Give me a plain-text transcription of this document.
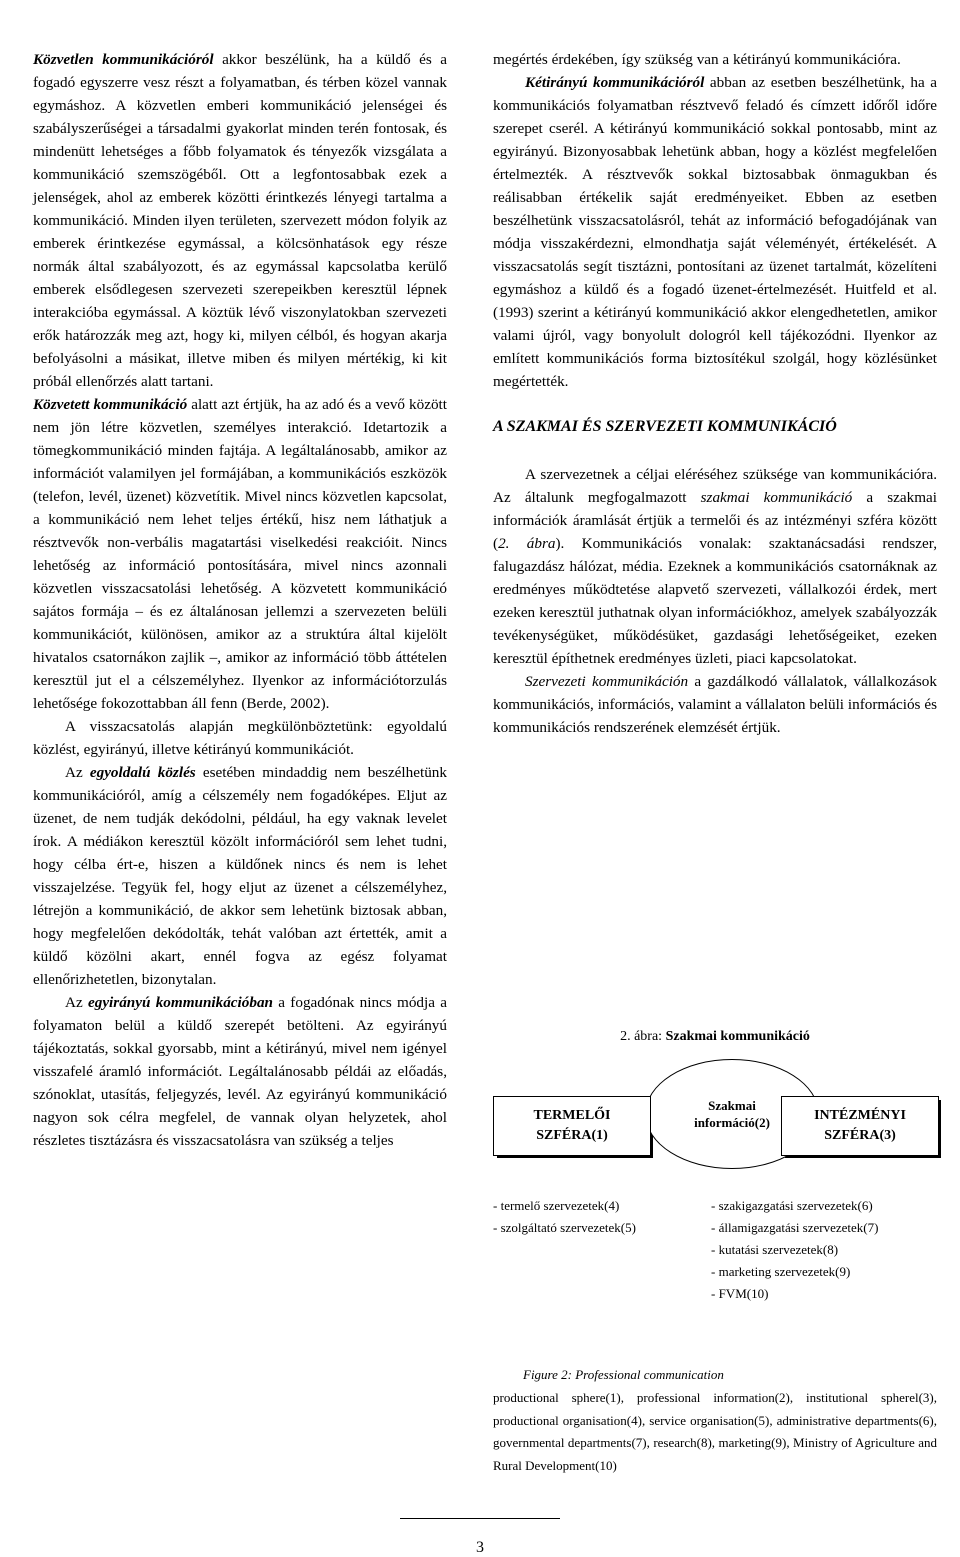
Közvetlen kommunikációról akkor beszélünk, ha a küldő és a fogadó egyszerre vesz részt a folyamatban, és térben közel vannak egymáshoz. A közvetlen emberi kommunikáció jelenségei és szabályszerűségei a társadalmi gyakorlat minden terén fontosak, és mindenütt lehetséges a főbb folyamatok és tényezők vizsgálata a kommunikáció szemszögéből. Ott a legfontosabbak ezek a jelenségek, ahol az emberek közötti érintkezés lényegi tartalma a kommunikáció. Minden ilyen területen, szervezett módon folyik az emberek érintkezése egymással, a kölcsönhatások egy része normák által szabályozott, és az egymással kapcsolatba kerülő emberek elsődlegesen szervezeti szerepeikben keresztül lépnek interakcióba egymással. A köztük lévő viszonylatokban szervezeti erők határozzák meg azt, hogy ki, milyen célból, és hogyan akarja befolyásolni a másikat, illetve miben és milyen mértékig, ki kit próbál ellenőrzés alatt tartani.

Közvetett kommunikáció alatt azt értjük, ha az adó és a vevő között nem jön létre közvetlen, személyes interakció. Idetartozik a tömegkommunikáció minden fajtája. A legáltalánosabb, amikor az információt valamilyen jel formájában, a kommunikációs eszközök (telefon, levél, üzenet) közvetítik. Mivel nincs közvetlen kapcsolat, a kommunikáció nem lehet teljes értékű, hisz nem láthatjuk a résztvevők non-verbális magatartási viselkedési reakcióit. Nincs lehetőség az információ pontosítására, mivel nincs azonnali közvetlen visszacsatolási lehetőség. A közvetett kommunikáció sajátos formája – és ez általánosan jellemzi a szervezeten belüli kommunikációt, különösen, amikor az a struktúra által kijelölt hivatalos csatornákon zajlik –, amikor az információ több áttételen keresztül jut el a célszemélyhez. Ilyenkor az információtorzulás lehetősége fokozottabban áll fenn (Berde, 2002).

A visszacsatolás alapján megkülönböztetünk: egyoldalú közlést, egyirányú, illetve kétirányú kommunikációt.

Az egyoldalú közlés esetében mindaddig nem beszélhetünk kommunikációról, amíg a célszemély nem fogadóképes. Eljut az üzenet, de nem tudják dekódolni, például, ha egy vaknak levelet írok. A médiákon keresztül közölt információról sem lehet tudni, hogy célba ért-e, hiszen a küldőnek nincs és nem is lehet visszajelzése. Tegyük fel, hogy eljut az üzenet a célszemélyhez, létrejön a kommunikáció, de akkor sem lehetünk biztosak abban, hogy megfelelően dekódolták, tehát valóban azt értették, amit a küldő közölni akart, ennél fogva az egész folyamat ellenőrizhetetlen, bizonytalan.

Az egyirányú kommunikációban a fogadónak nincs módja a folyamaton belül a küldő szerepét betölteni. Az egyirányú tájékoztatás, sokkal gyorsabb, mint a kétirányú, mivel nem igényel visszafelé áramló információt. Legáltalánosabb példái az előadás, szónoklat, utasítás, feljegyzés, levél. Az egyirányú kommunikáció nagyon sok célra megfelel, de vannak olyan helyzetek, ahol részletes tisztázásra és visszacsatolásra van szükség a teljes

megértés érdekében, így szükség van a kétirányú kommunikációra.

Kétirányú kommunikációról abban az esetben beszélhetünk, ha a kommunikációs folyamatban résztvevő feladó és címzett időről időre szerepet cserél. A kétirányú kommunikáció sokkal pontosabb, mint az egyirányú. Bizonyosabbak lehetünk abban, hogy a közlést megfelelően értelmezték. A résztvevők sokkal biztosabbak önmagukban és reálisabban értékelik saját eredményeiket. Ebben az esetben beszélhetünk visszacsatolásról, tehát az információ befogadójának van módja visszakérdezni, elmondhatja saját véleményét, értékelését. A visszacsatolás segít tisztázni, pontosítani az üzenet tartalmát, közelíteni egymáshoz a küldő és a fogadó üzenet-értelmezését. Huitfeld et al. (1993) szerint a kétirányú kommunikáció akkor elengedhetetlen, amikor valami újról, vagy bonyolult dologról kell tájékozódni. Ilyenkor az említett kommunikációs forma biztosítékul szolgál, hogy közlésünket megértették.

A SZAKMAI ÉS SZERVEZETI KOMMUNIKÁCIÓ

A szervezetnek a céljai eléréséhez szüksége van kommunikációra. Az általunk megfogalmazott szakmai kommunikáció a szakmai információk áramlását értjük a termelői és az intézményi szféra között (2. ábra). Kommunikációs vonalak: szaktanácsadási rendszer, falugazdász hálózat, média. Ezeknek a kommunikációs csatornáknak az eredményes működtetése alapvető szervezeti, vállalkozói érdek, mert ezeken keresztül juthatnak olyan információkhoz, amelyek szabályozzák tevékenységüket, működésüket, gazdasági lehetőségeiket, ezeken keresztül építhetnek eredményes üzleti, piaci kapcsolatokat.

Szervezeti kommunikáción a gazdálkodó vállalatok, vállalkozások kommunikációs, információs, valamint a vállalaton belüli információs és kommunikációs rendszerének elemzését értjük.

2. ábra: Szakmai kommunikáció
Szakmai
információ(2)
TERMELŐI
SZFÉRA(1)
INTÉZMÉNYI
SZFÉRA(3)
- termelő szervezetek(4)
- szolgáltató szervezetek(5)
- szakigazgatási szervezetek(6)
- államigazgatási szervezetek(7)
- kutatási szervezetek(8)
- marketing szervezetek(9)
- FVM(10)
Figure 2: Professional communication
productional sphere(1), professional information(2), institutional spherel(3), productional organisation(4), service organisation(5), administrative departments(6), governmental departments(7), research(8), marketing(9), Ministry of Agriculture and Rural Development(10)
3
